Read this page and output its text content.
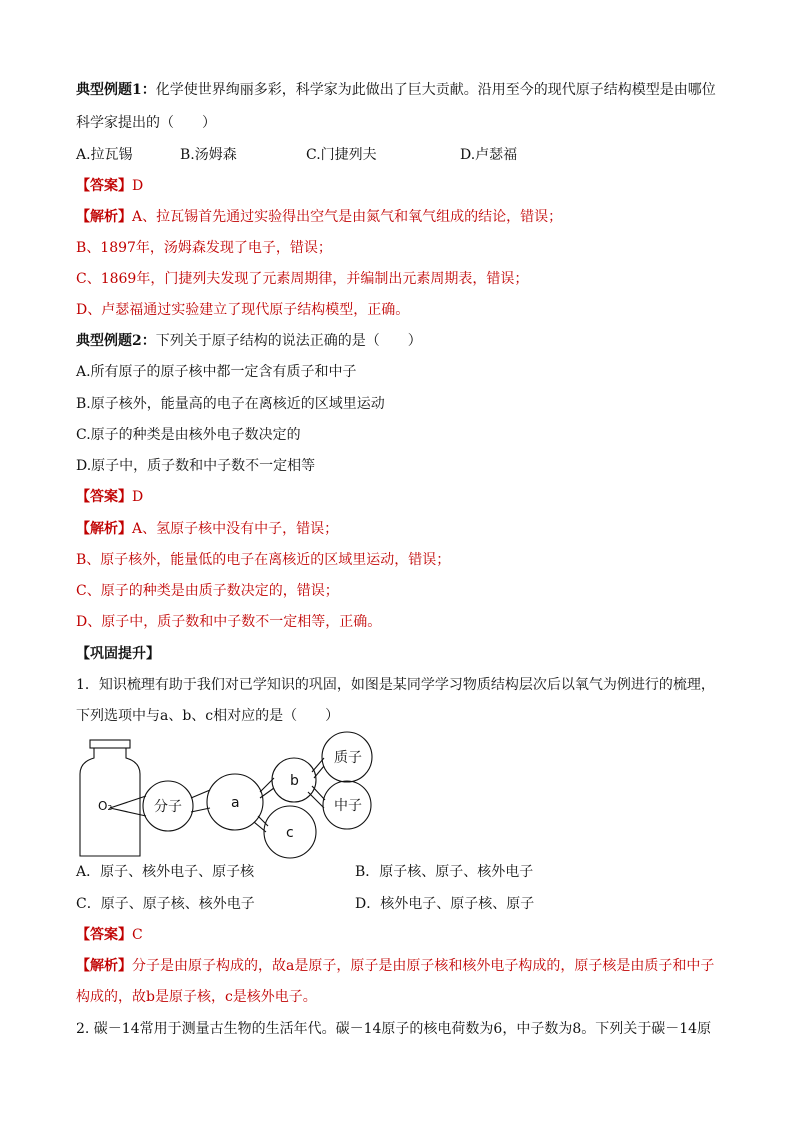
典型例题1：化学使世界绚丽多彩，科学家为此做出了巨大贡献。沿用至今的现代原子结构模型是由哪位
科学家提出的（　　）
A.拉瓦锡	B.汤姆森	C.门捷列夫	D.卢瑟福
【答案】D
【解析】A、拉瓦锡首先通过实验得出空气是由氮气和氧气组成的结论，错误；
B、1897年，汤姆森发现了电子，错误；
C、1869年，门捷列夫发现了元素周期律，并编制出元素周期表，错误；
D、卢瑟福通过实验建立了现代原子结构模型，正确。
典型例题2：下列关于原子结构的说法正确的是（　　）
A.所有原子的原子核中都一定含有质子和中子
B.原子核外，能量高的电子在离核近的区域里运动
C.原子的种类是由核外电子数决定的
D.原子中，质子数和中子数不一定相等
【答案】D
【解析】A、氢原子核中没有中子，错误；
B、原子核外，能量低的电子在离核近的区域里运动，错误；
C、原子的种类是由质子数决定的，错误；
D、原子中，质子数和中子数不一定相等，正确。
【巩固提升】
1．知识梳理有助于我们对已学知识的巩固，如图是某同学学习物质结构层次后以氧气为例进行的梳理，
下列选项中与a、b、c相对应的是（　　）
O₂	分子	a
b
c
质子
中子
A．原子、核外电子、原子核	B．原子核、原子、核外电子
C．原子、原子核、核外电子	D．核外电子、原子核、原子
【答案】C
【解析】分子是由原子构成的，故a是原子，原子是由原子核和核外电子构成的，原子核是由质子和中子
构成的，故b是原子核，c是核外电子。
2. 碳－14常用于测量古生物的生活年代。碳－14原子的核电荷数为6，中子数为8。下列关于碳－14原
